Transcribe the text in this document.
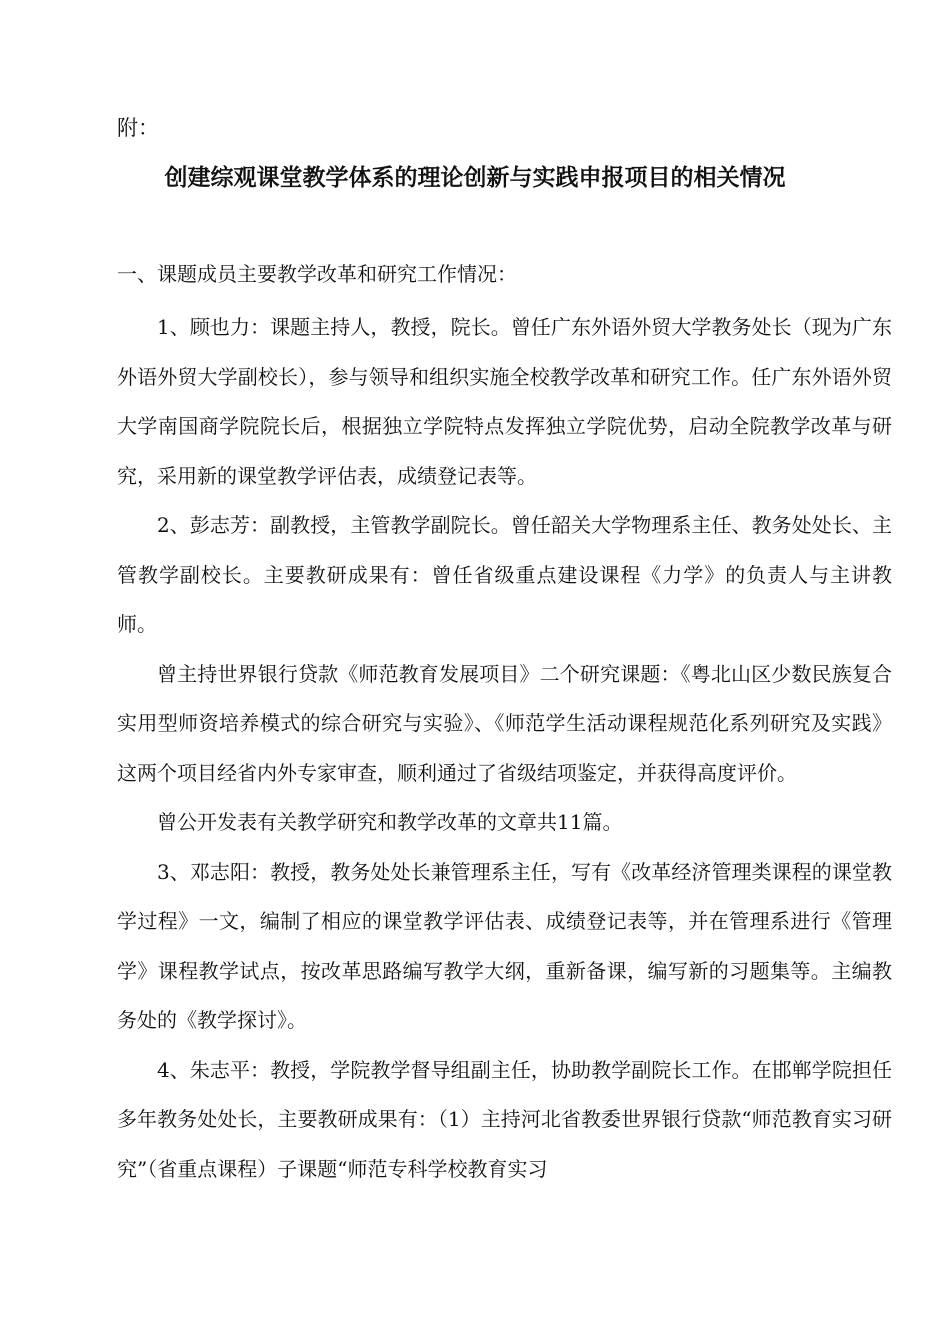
附：

创建综观课堂教学体系的理论创新与实践申报项目的相关情况

一、课题成员主要教学改革和研究工作情况：

1、顾也力：课题主持人，教授，院长。曾任广东外语外贸大学教务处长（现为广东外语外贸大学副校长），参与领导和组织实施全校教学改革和研究工作。任广东外语外贸大学南国商学院院长后，根据独立学院特点发挥独立学院优势，启动全院教学改革与研究，采用新的课堂教学评估表，成绩登记表等。

2、彭志芳：副教授，主管教学副院长。曾任韶关大学物理系主任、教务处处长、主管教学副校长。主要教研成果有：曾任省级重点建设课程《力学》的负责人与主讲教师。

曾主持世界银行贷款《师范教育发展项目》二个研究课题：《粤北山区少数民族复合实用型师资培养模式的综合研究与实验》、《师范学生活动课程规范化系列研究及实践》这两个项目经省内外专家审查，顺利通过了省级结项鉴定，并获得高度评价。

曾公开发表有关教学研究和教学改革的文章共11篇。

3、邓志阳：教授，教务处处长兼管理系主任，写有《改革经济管理类课程的课堂教学过程》一文，编制了相应的课堂教学评估表、成绩登记表等，并在管理系进行《管理学》课程教学试点，按改革思路编写教学大纲，重新备课，编写新的习题集等。主编教务处的《教学探讨》。

4、朱志平：教授，学院教学督导组副主任，协助教学副院长工作。在邯郸学院担任多年教务处处长，主要教研成果有：（1）主持河北省教委世界银行贷款“师范教育实习研究”（省重点课程）子课题“师范专科学校教育实习
